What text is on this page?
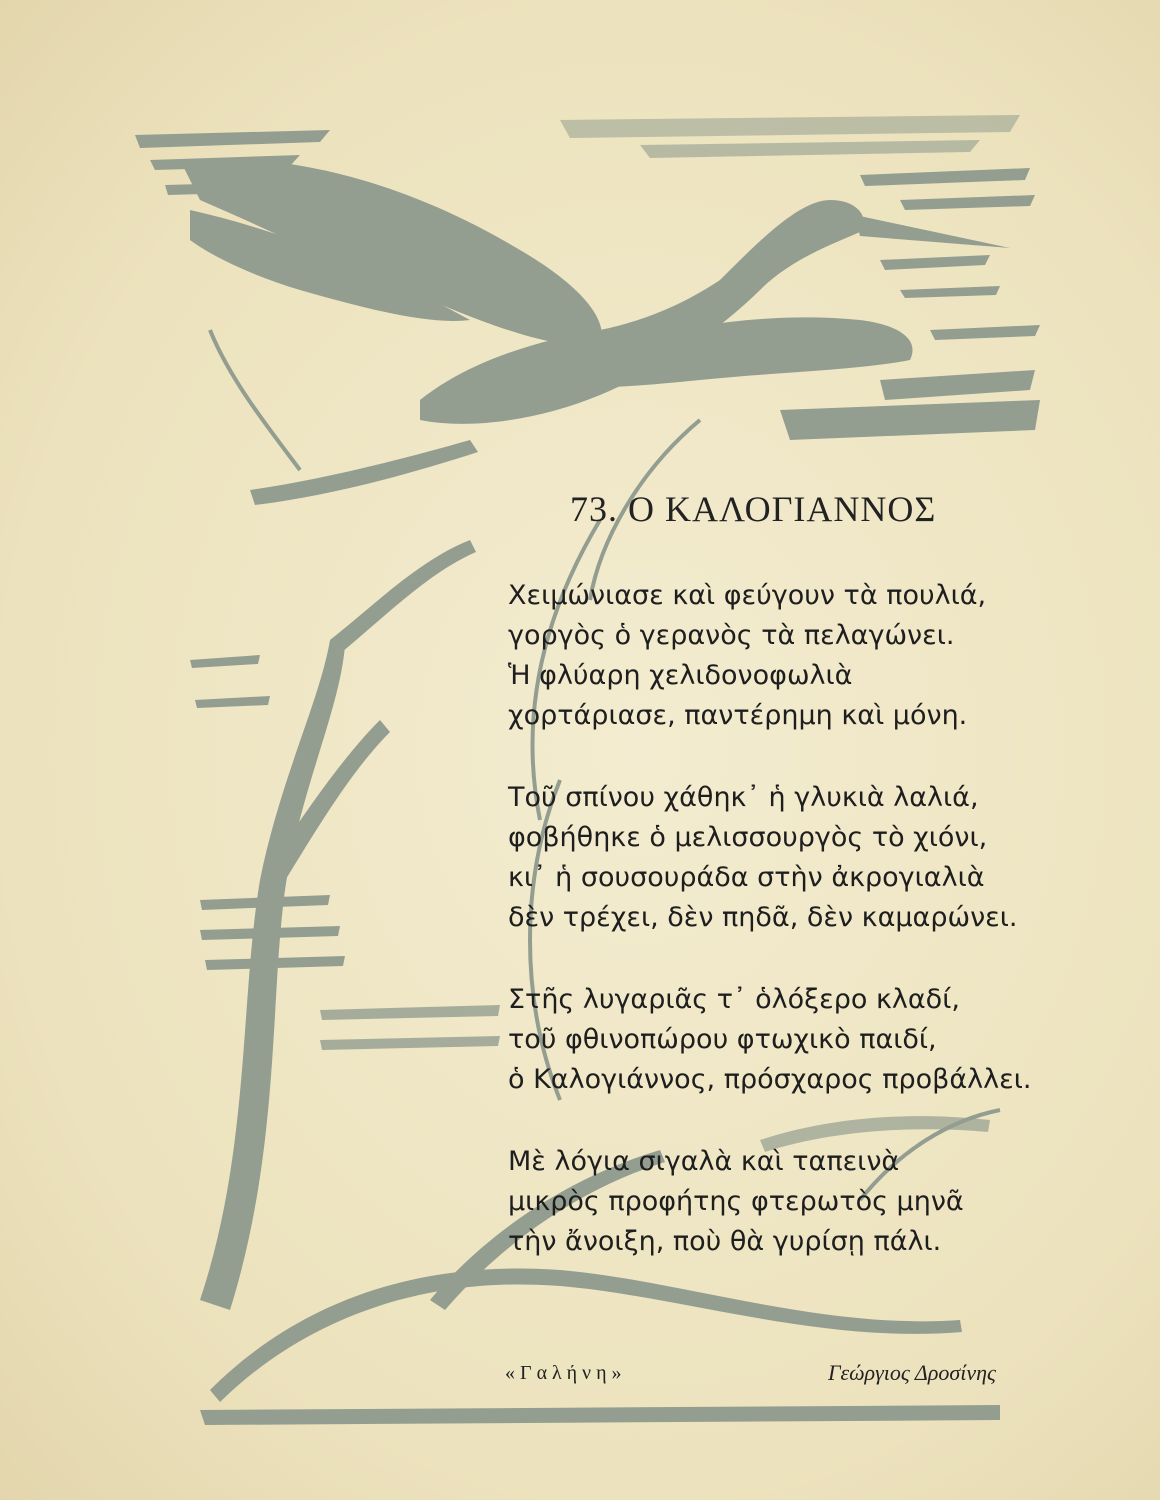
73. Ο ΚΑΛΟΓΙΑΝΝΟΣ
Χειμώνιασε καὶ φεύγουν τὰ πουλιά,
γοργὸς ὁ γερανὸς τὰ πελαγώνει.
Ἡ φλύαρη χελιδονοφωλιὰ
χορτάριασε, παντέρημη καὶ μόνη.
Τοῦ σπίνου χάθηκ᾽ ἡ γλυκιὰ λαλιά,
φοβήθηκε ὁ μελισσουργὸς τὸ χιόνι,
κι᾽ ἡ σουσουράδα στὴν ἀκρογιαλιὰ
δὲν τρέχει, δὲν πηδᾶ, δὲν καμαρώνει.
Στῆς λυγαριᾶς τ᾽ ὁλόξερο κλαδί,
τοῦ φθινοπώρου φτωχικὸ παιδί,
ὁ Καλογιάννος, πρόσχαρος προβάλλει.
Μὲ λόγια σιγαλὰ καὶ ταπεινὰ
μικρὸς προφήτης φτερωτὸς μηνᾶ
τὴν ἄνοιξη, ποὺ θὰ γυρίσῃ πάλι.
«Γαλήνη»	Γεώργιος Δροσίνης
